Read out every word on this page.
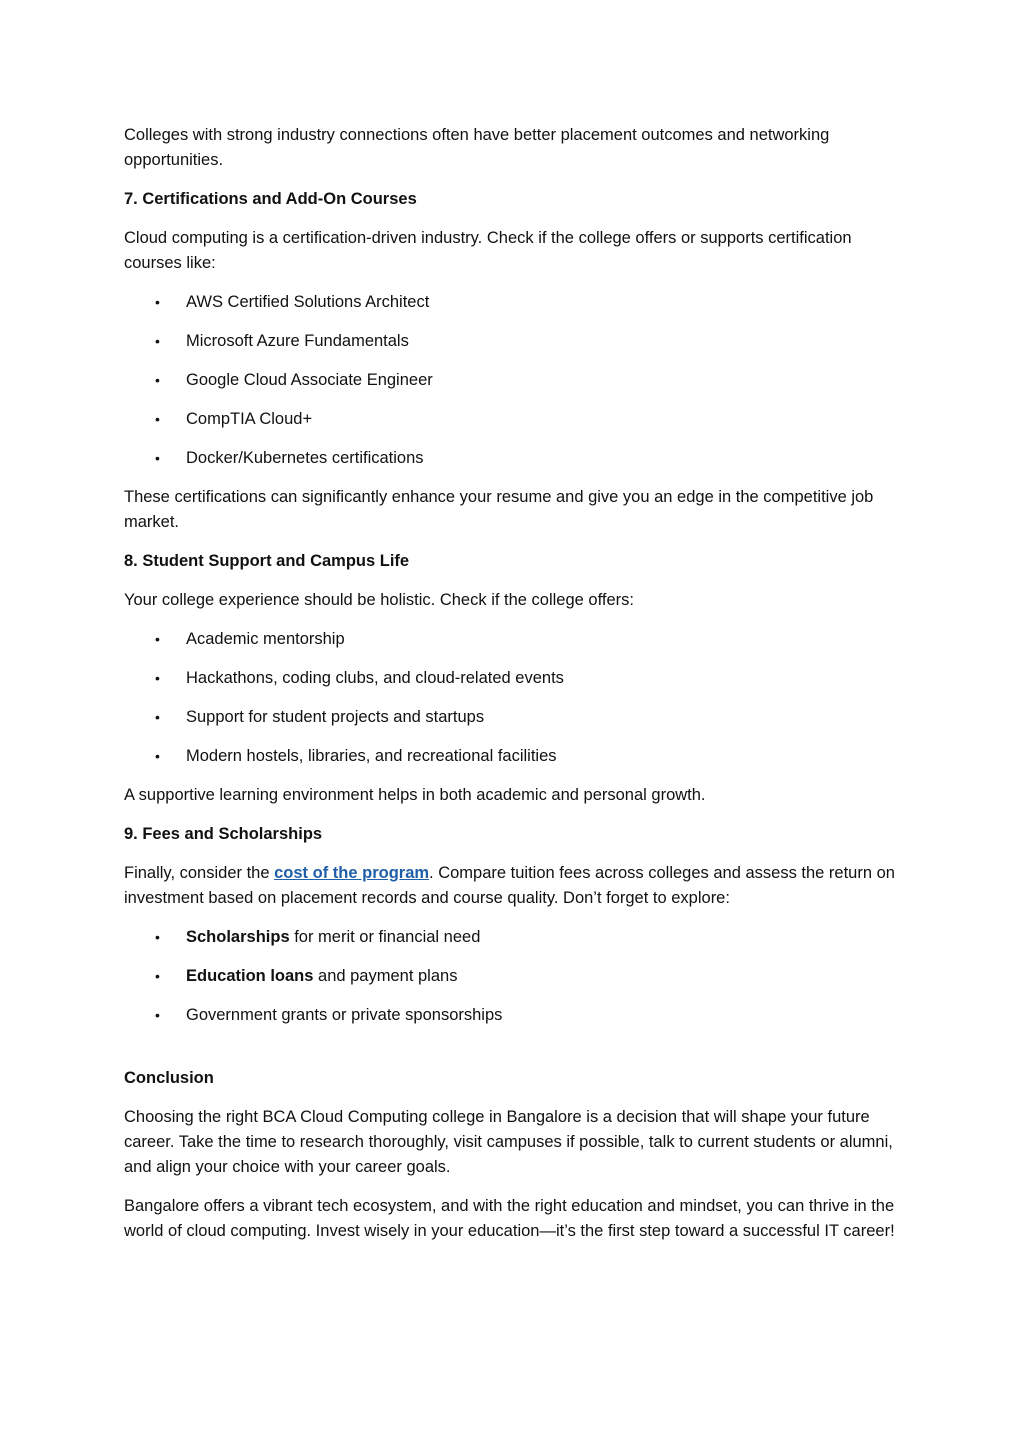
Colleges with strong industry connections often have better placement outcomes and networking opportunities.

7. Certifications and Add-On Courses

Cloud computing is a certification-driven industry. Check if the college offers or supports certification courses like:

• AWS Certified Solutions Architect
• Microsoft Azure Fundamentals
• Google Cloud Associate Engineer
• CompTIA Cloud+
• Docker/Kubernetes certifications

These certifications can significantly enhance your resume and give you an edge in the competitive job market.

8. Student Support and Campus Life

Your college experience should be holistic. Check if the college offers:

• Academic mentorship
• Hackathons, coding clubs, and cloud-related events
• Support for student projects and startups
• Modern hostels, libraries, and recreational facilities

A supportive learning environment helps in both academic and personal growth.

9. Fees and Scholarships

Finally, consider the cost of the program. Compare tuition fees across colleges and assess the return on investment based on placement records and course quality. Don’t forget to explore:

• Scholarships for merit or financial need
• Education loans and payment plans
• Government grants or private sponsorships
Conclusion

Choosing the right BCA Cloud Computing college in Bangalore is a decision that will shape your future career. Take the time to research thoroughly, visit campuses if possible, talk to current students or alumni, and align your choice with your career goals.

Bangalore offers a vibrant tech ecosystem, and with the right education and mindset, you can thrive in the world of cloud computing. Invest wisely in your education—it’s the first step toward a successful IT career!
